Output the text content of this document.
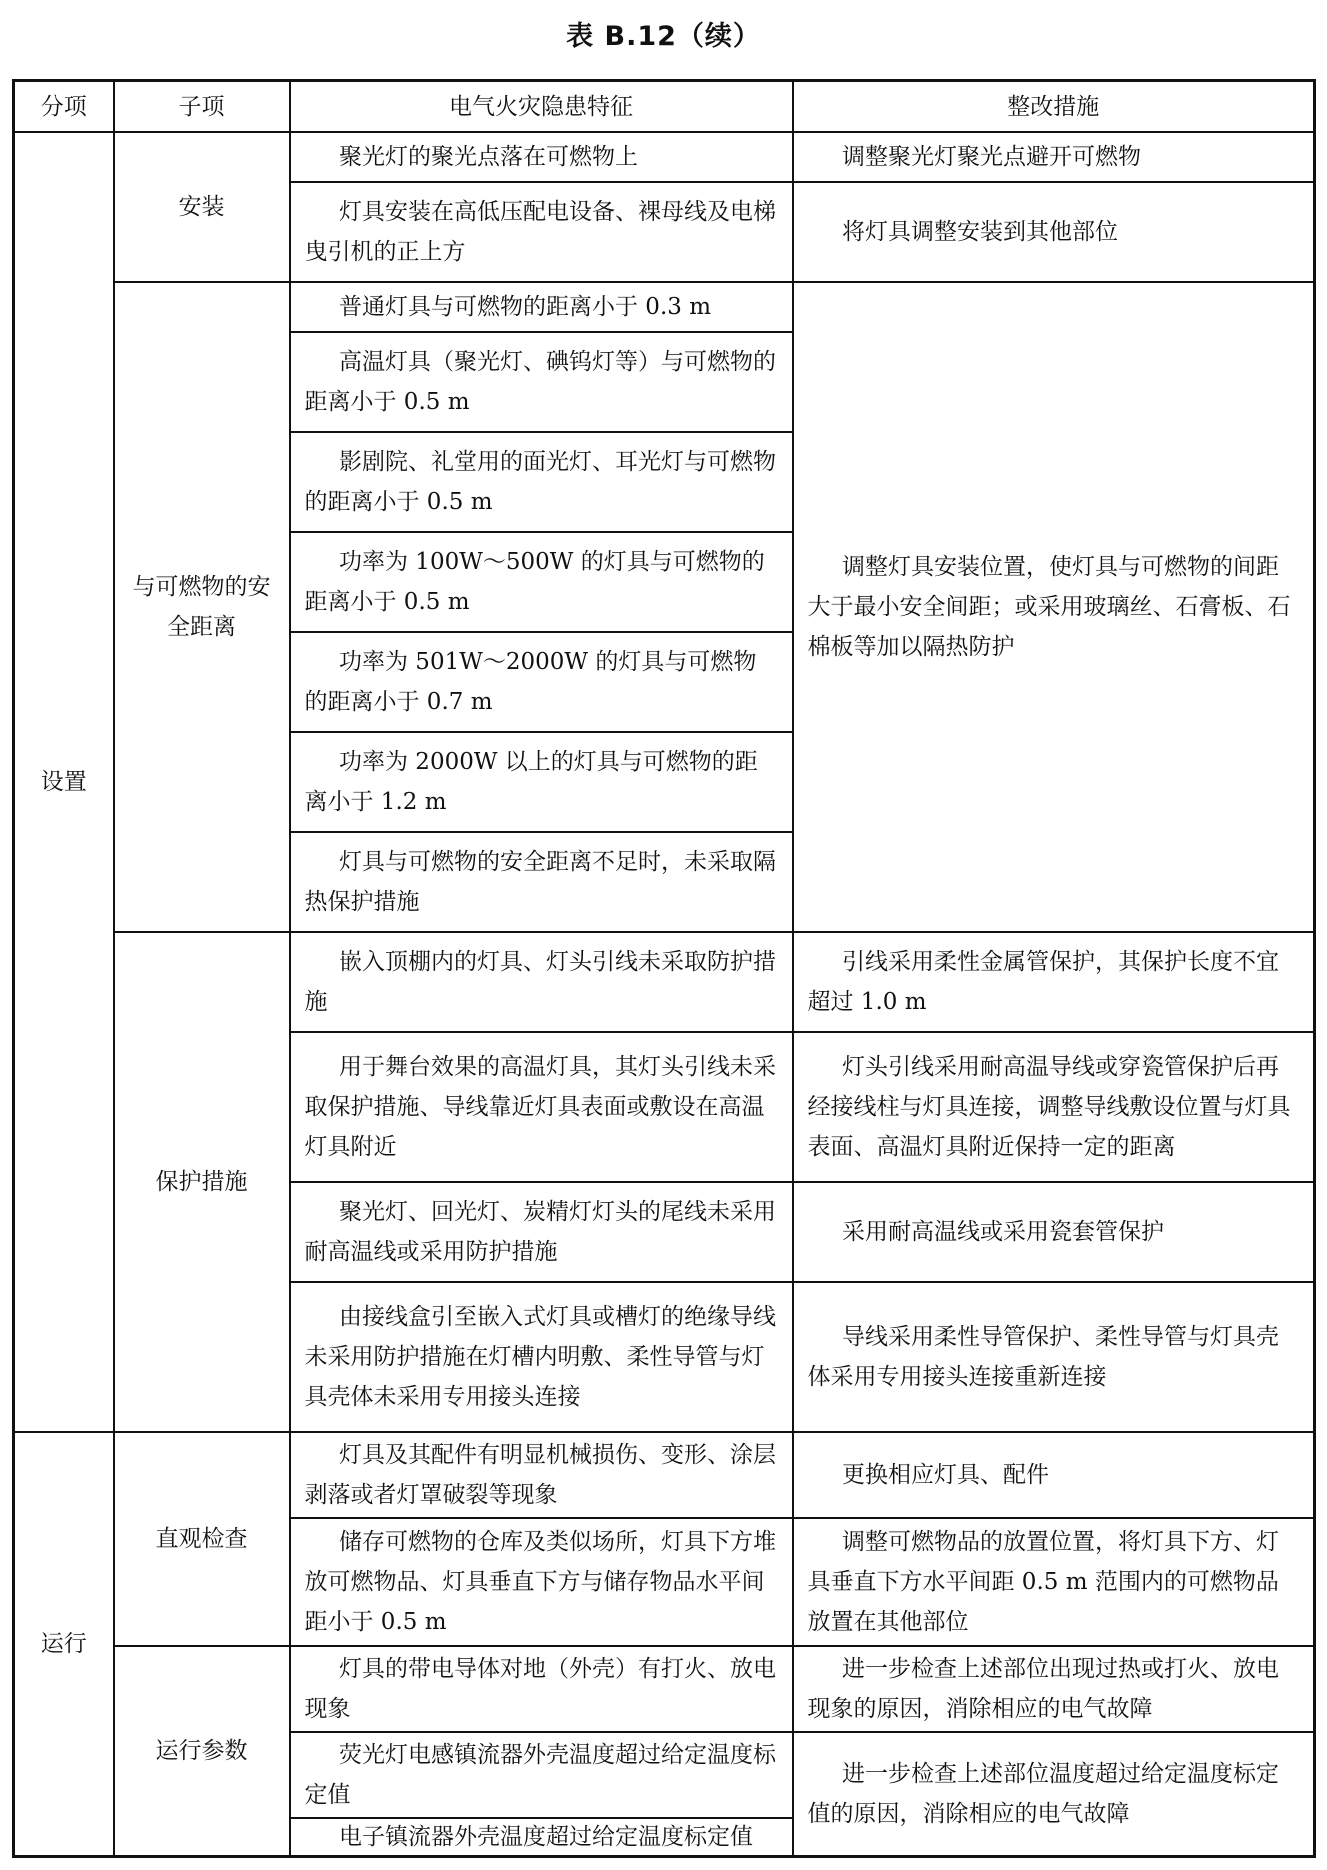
表 B.12（续）
分项	子项	电气火灾隐患特征	整改措施
设置	安装	聚光灯的聚光点落在可燃物上	调整聚光灯聚光点避开可燃物

		灯具安装在高低压配电设备、裸母线及电梯曳引机的正上方	将灯具调整安装到其他部位

	与可燃物的安全距离	普通灯具与可燃物的距离小于 0.3 m	调整灯具安装位置，使灯具与可燃物的间距大于最小安全间距；或采用玻璃丝、石膏板、石棉板等加以隔热防护

		高温灯具（聚光灯、碘钨灯等）与可燃物的距离小于 0.5 m	

		影剧院、礼堂用的面光灯、耳光灯与可燃物的距离小于 0.5 m	

		功率为 100W～500W 的灯具与可燃物的距离小于 0.5 m	

		功率为 501W～2000W 的灯具与可燃物的距离小于 0.7 m	

		功率为 2000W 以上的灯具与可燃物的距离小于 1.2 m	

		灯具与可燃物的安全距离不足时，未采取隔热保护措施	

	保护措施	嵌入顶棚内的灯具、灯头引线未采取防护措施	引线采用柔性金属管保护，其保护长度不宜超过 1.0 m

		用于舞台效果的高温灯具，其灯头引线未采取保护措施、导线靠近灯具表面或敷设在高温灯具附近	灯头引线采用耐高温导线或穿瓷管保护后再经接线柱与灯具连接，调整导线敷设位置与灯具表面、高温灯具附近保持一定的距离

		聚光灯、回光灯、炭精灯灯头的尾线未采用耐高温线或采用防护措施	采用耐高温线或采用瓷套管保护

		由接线盒引至嵌入式灯具或槽灯的绝缘导线未采用防护措施在灯槽内明敷、柔性导管与灯具壳体未采用专用接头连接	导线采用柔性导管保护、柔性导管与灯具壳体采用专用接头连接重新连接

运行	直观检查	灯具及其配件有明显机械损伤、变形、涂层剥落或者灯罩破裂等现象	更换相应灯具、配件

		储存可燃物的仓库及类似场所，灯具下方堆放可燃物品、灯具垂直下方与储存物品水平间距小于 0.5 m	调整可燃物品的放置位置，将灯具下方、灯具垂直下方水平间距 0.5 m 范围内的可燃物品放置在其他部位

	运行参数	灯具的带电导体对地（外壳）有打火、放电现象	进一步检查上述部位出现过热或打火、放电现象的原因，消除相应的电气故障

		荧光灯电感镇流器外壳温度超过给定温度标定值	进一步检查上述部位温度超过给定温度标定值的原因，消除相应的电气故障

		电子镇流器外壳温度超过给定温度标定值	
